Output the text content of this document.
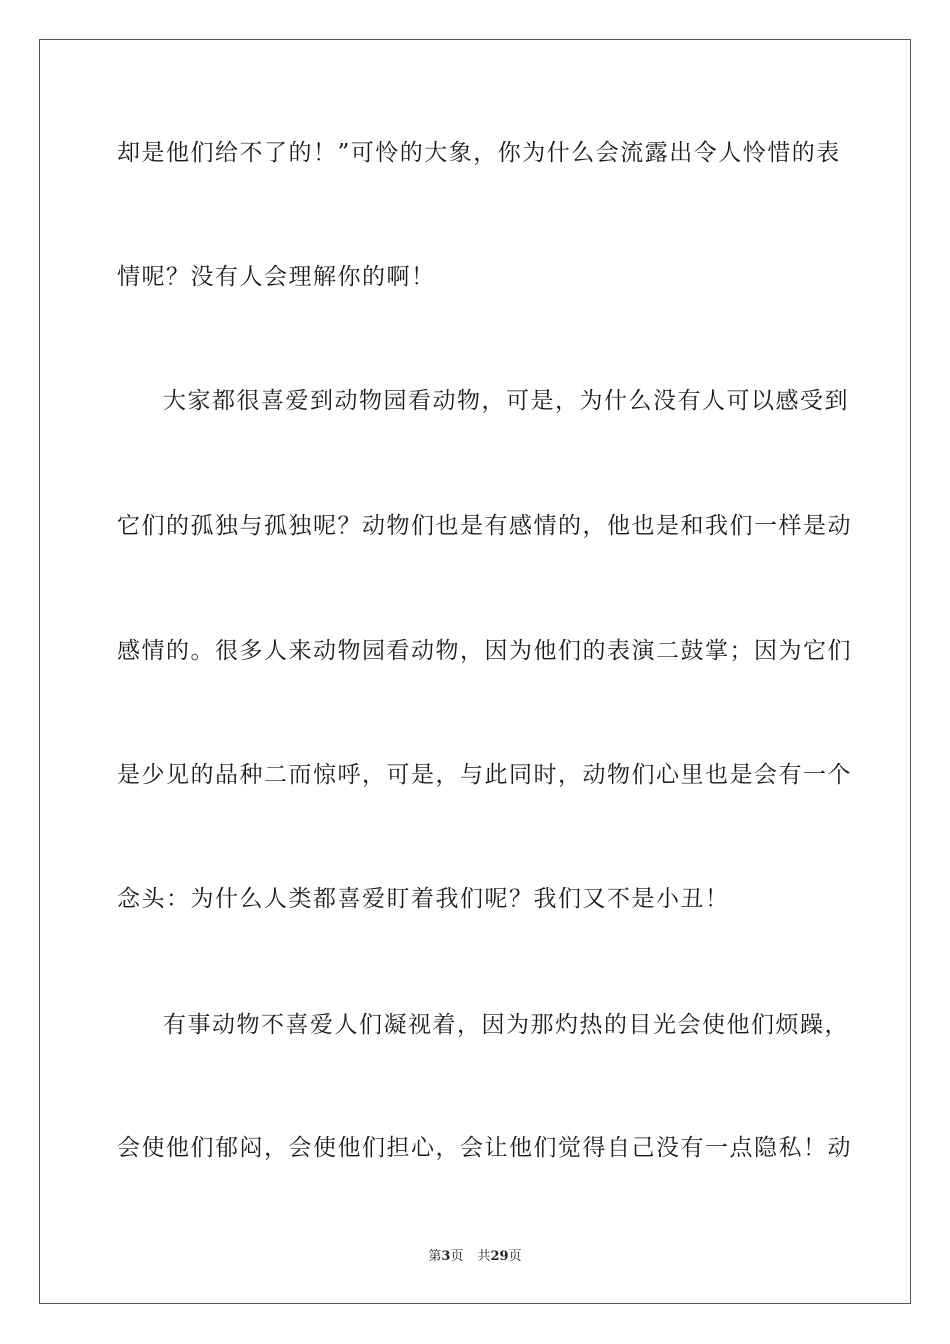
却是他们给不了的！”可怜的大象，你为什么会流露出令人怜惜的表
情呢？没有人会理解你的啊！
大家都很喜爱到动物园看动物，可是，为什么没有人可以感受到
它们的孤独与孤独呢？动物们也是有感情的，他也是和我们一样是动
感情的。很多人来动物园看动物，因为他们的表演二鼓掌；因为它们
是少见的品种二而惊呼，可是，与此同时，动物们心里也是会有一个
念头：为什么人类都喜爱盯着我们呢？我们又不是小丑！
有事动物不喜爱人们凝视着，因为那灼热的目光会使他们烦躁，
会使他们郁闷，会使他们担心，会让他们觉得自己没有一点隐私！动
第3页 共29页
